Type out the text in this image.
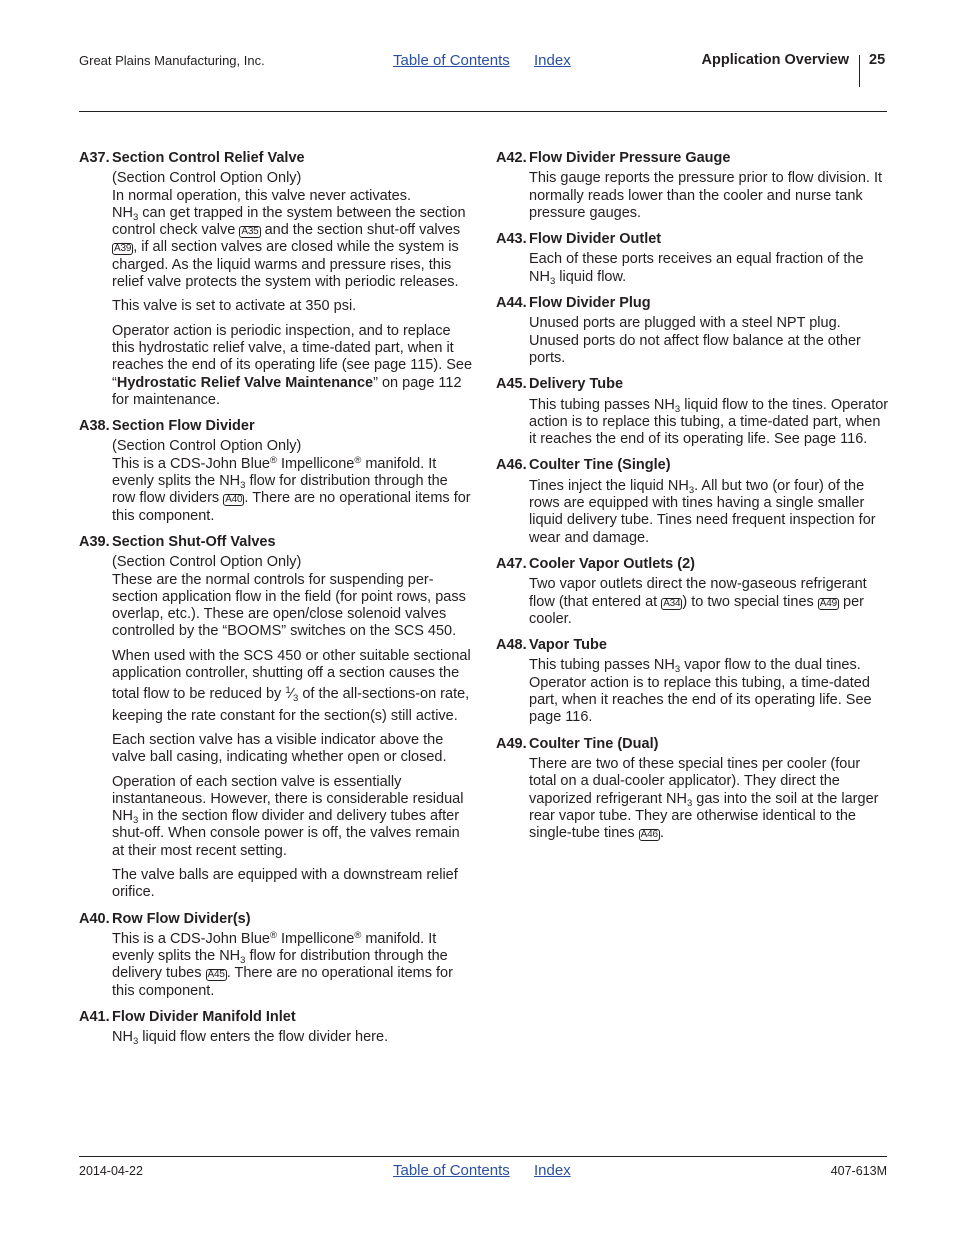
Great Plains Manufacturing, Inc.	Table of Contents Index	Application Overview 25
A37. Section Control Relief Valve
(Section Control Option Only)
In normal operation, this valve never activates.
$NH_3$ can get trapped in the system between the section control check valve A35 and the section shut-off valves A39 , if all section valves are closed while the system is charged. As the liquid warms and pressure rises, this relief valve protects the system with periodic releases.
This valve is set to activate at 350 psi.
Operator action is periodic inspection, and to replace this hydrostatic relief valve, a time-dated part, when it reaches the end of its operating life (see page 115). See “Hydrostatic Relief Valve Maintenance” on page 112 for maintenance.
A38. Section Flow Divider
(Section Control Option Only)
This is a CDS-John Blue® Impellicone® manifold. It evenly splits the $NH_3$ flow for distribution through the row flow dividers A40 . There are no operational items for this component.
A39. Section Shut-Off Valves
(Section Control Option Only)
These are the normal controls for suspending per-section application flow in the field (for point rows, pass overlap, etc.). These are open/close solenoid valves controlled by the “BOOMS” switches on the SCS 450.
When used with the SCS 450 or other suitable sectional application controller, shutting off a section causes the total flow to be reduced by $^1⁄_3$ of the all-sections-on rate, keeping the rate constant for the section(s) still active.
Each section valve has a visible indicator above the valve ball casing, indicating whether open or closed.
Operation of each section valve is essentially instantaneous. However, there is considerable residual $NH_3$ in the section flow divider and delivery tubes after shut-off. When console power is off, the valves remain at their most recent setting.
The valve balls are equipped with a downstream relief orifice.
A40. Row Flow Divider(s)
This is a CDS-John Blue® Impellicone® manifold. It evenly splits the $NH_3$ flow for distribution through the delivery tubes A45 . There are no operational items for this component.
A41. Flow Divider Manifold Inlet
$NH_3$ liquid flow enters the flow divider here.
A42. Flow Divider Pressure Gauge
This gauge reports the pressure prior to flow division. It normally reads lower than the cooler and nurse tank pressure gauges.
A43. Flow Divider Outlet
Each of these ports receives an equal fraction of the $NH_3$ liquid flow.
A44. Flow Divider Plug
Unused ports are plugged with a steel NPT plug. Unused ports do not affect flow balance at the other ports.
A45. Delivery Tube
This tubing passes $NH_3$ liquid flow to the tines. Operator action is to replace this tubing, a time-dated part, when it reaches the end of its operating life. See page 116.
A46. Coulter Tine (Single)
Tines inject the liquid $NH_3$. All but two (or four) of the rows are equipped with tines having a single smaller liquid delivery tube. Tines need frequent inspection for wear and damage.
A47. Cooler Vapor Outlets (2)
Two vapor outlets direct the now-gaseous refrigerant flow (that entered at A34 ) to two special tines A49 per cooler.
A48. Vapor Tube
This tubing passes $NH_3$ vapor flow to the dual tines. Operator action is to replace this tubing, a time-dated part, when it reaches the end of its operating life. See page 116.
A49. Coulter Tine (Dual)
There are two of these special tines per cooler (four total on a dual-cooler applicator). They direct the vaporized refrigerant $NH_3$ gas into the soil at the larger rear vapor tube. They are otherwise identical to the single-tube tines A46 .
2014-04-22	Table of Contents Index	407-613M
